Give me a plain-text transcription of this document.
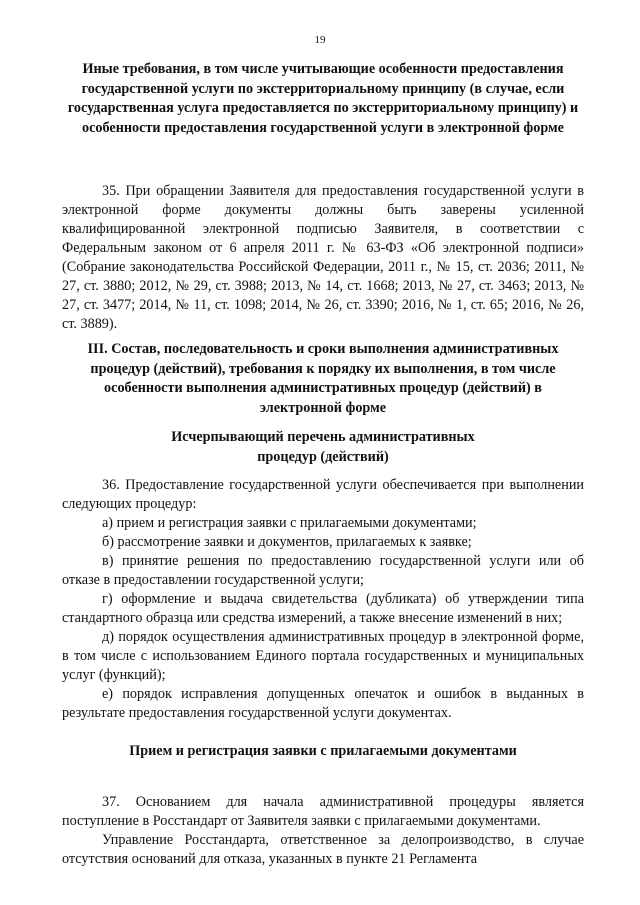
19

Иные требования, в том числе учитывающие особенности предоставления государственной услуги по экстерриториальному принципу (в случае, если государственная услуга предоставляется по экстерриториальному принципу) и особенности предоставления государственной услуги в электронной форме

35. При обращении Заявителя для предоставления государственной услуги в электронной форме документы должны быть заверены усиленной квалифицированной электронной подписью Заявителя, в соответствии с Федеральным законом от 6 апреля 2011 г. № 63-ФЗ «Об электронной подписи» (Собрание законодательства Российской Федерации, 2011 г., № 15, ст. 2036; 2011, № 27, ст. 3880; 2012, № 29, ст. 3988; 2013, № 14, ст. 1668; 2013, № 27, ст. 3463; 2013, № 27, ст. 3477; 2014, № 11, ст. 1098; 2014, № 26, ст. 3390; 2016, № 1, ст. 65; 2016, № 26, ст. 3889).

III. Состав, последовательность и сроки выполнения административных процедур (действий), требования к порядку их выполнения, в том числе особенности выполнения административных процедур (действий) в электронной форме

Исчерпывающий перечень административных процедур (действий)

36. Предоставление государственной услуги обеспечивается при выполнении следующих процедур:

а) прием и регистрация заявки с прилагаемыми документами;

б) рассмотрение заявки и документов, прилагаемых к заявке;

в) принятие решения по предоставлению государственной услуги или об отказе в предоставлении государственной услуги;

г) оформление и выдача свидетельства (дубликата) об утверждении типа стандартного образца или средства измерений, а также внесение изменений в них;

д) порядок осуществления административных процедур в электронной форме, в том числе с использованием Единого портала государственных и муниципальных услуг (функций);

е) порядок исправления допущенных опечаток и ошибок в выданных в результате предоставления государственной услуги документах.

Прием и регистрация заявки с прилагаемыми документами

37. Основанием для начала административной процедуры является поступление в Росстандарт от Заявителя заявки с прилагаемыми документами.

Управление Росстандарта, ответственное за делопроизводство, в случае отсутствия оснований для отказа, указанных в пункте 21 Регламента
